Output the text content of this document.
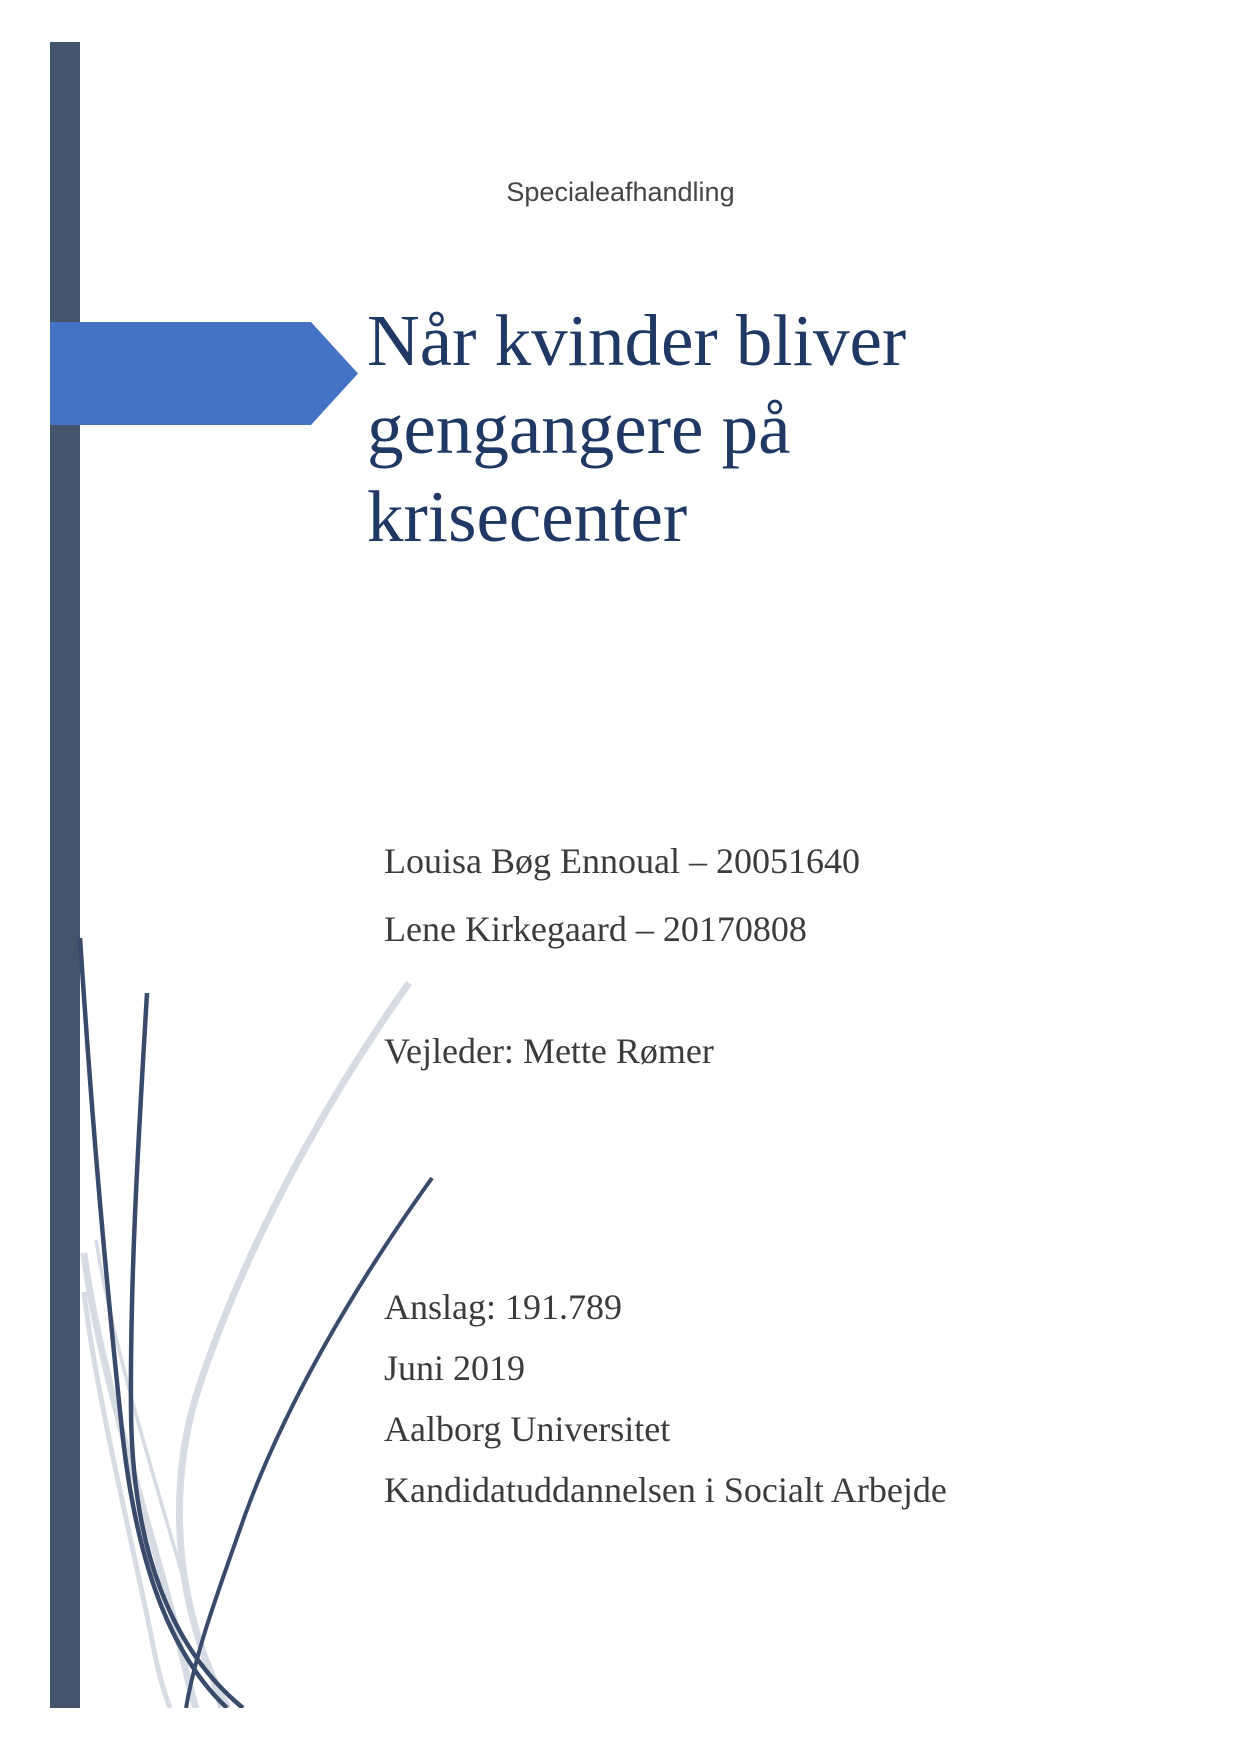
Specialeafhandling
Når kvinder bliver
gengangere på
krisecenter
Louisa Bøg Ennoual – 20051640
Lene Kirkegaard – 20170808
Vejleder: Mette Rømer
Anslag: 191.789
Juni 2019
Aalborg Universitet
Kandidatuddannelsen i Socialt Arbejde
